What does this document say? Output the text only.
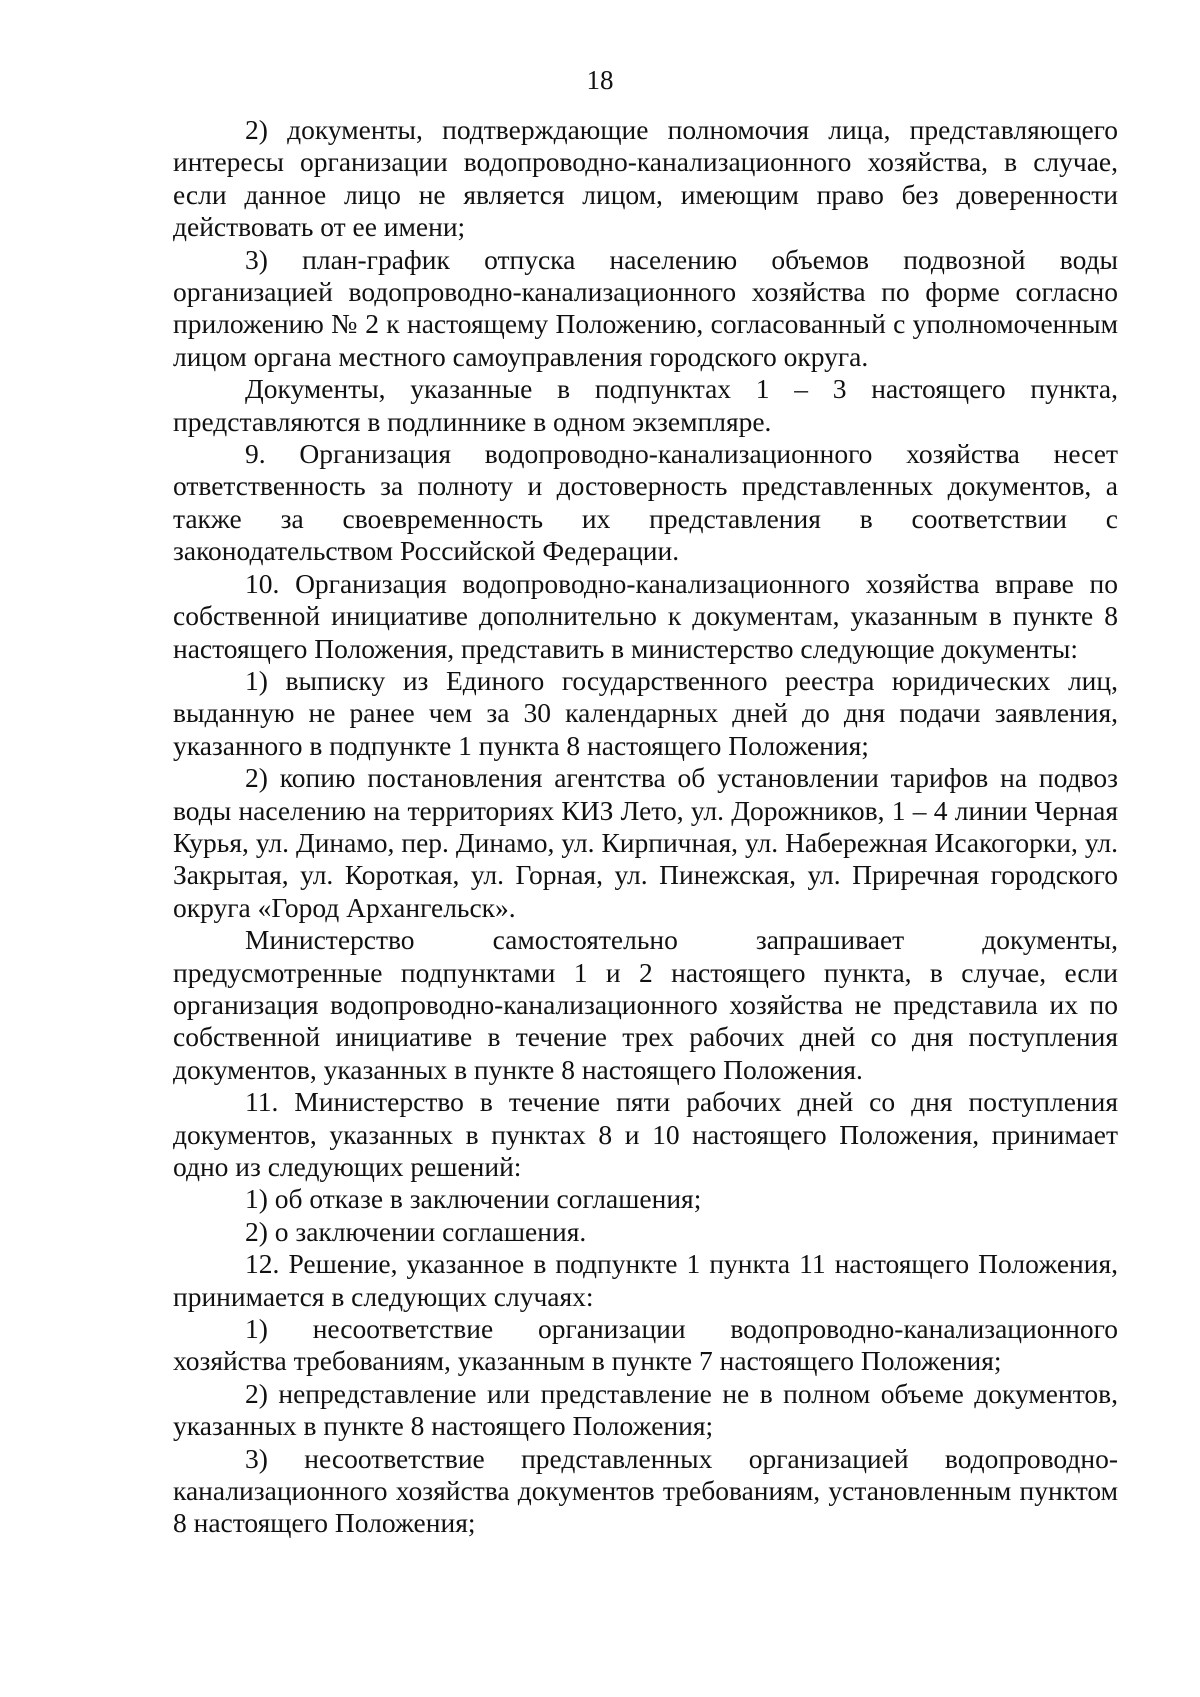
18

2) документы, подтверждающие полномочия лица, представляющего интересы организации водопроводно-канализационного хозяйства, в случае, если данное лицо не является лицом, имеющим право без доверенности действовать от ее имени;

3) план-график отпуска населению объемов подвозной воды организацией водопроводно-канализационного хозяйства по форме согласно приложению № 2 к настоящему Положению, согласованный с уполномоченным лицом органа местного самоуправления городского округа.

Документы, указанные в подпунктах 1 – 3 настоящего пункта, представляются в подлиннике в одном экземпляре.

9. Организация водопроводно-канализационного хозяйства несет ответственность за полноту и достоверность представленных документов, а также за своевременность их представления в соответствии с законодательством Российской Федерации.

10. Организация водопроводно-канализационного хозяйства вправе по собственной инициативе дополнительно к документам, указанным в пункте 8 настоящего Положения, представить в министерство следующие документы:

1) выписку из Единого государственного реестра юридических лиц, выданную не ранее чем за 30 календарных дней до дня подачи заявления, указанного в подпункте 1 пункта 8 настоящего Положения;

2) копию постановления агентства об установлении тарифов на подвоз воды населению на территориях КИЗ Лето, ул. Дорожников, 1 – 4 линии Черная Курья, ул. Динамо, пер. Динамо, ул. Кирпичная, ул. Набережная Исакогорки, ул. Закрытая, ул. Короткая, ул. Горная, ул. Пинежская, ул. Приречная городского округа «Город Архангельск».

Министерство самостоятельно запрашивает документы, предусмотренные подпунктами 1 и 2 настоящего пункта, в случае, если организация водопроводно-канализационного хозяйства не представила их по собственной инициативе в течение трех рабочих дней со дня поступления документов, указанных в пункте 8 настоящего Положения.

11. Министерство в течение пяти рабочих дней со дня поступления документов, указанных в пунктах 8 и 10 настоящего Положения, принимает одно из следующих решений:

1) об отказе в заключении соглашения;

2) о заключении соглашения.

12. Решение, указанное в подпункте 1 пункта 11 настоящего Положения, принимается в следующих случаях:

1) несоответствие организации водопроводно-канализационного хозяйства требованиям, указанным в пункте 7 настоящего Положения;

2) непредставление или представление не в полном объеме документов, указанных в пункте 8 настоящего Положения;

3) несоответствие представленных организацией водопроводно-канализационного хозяйства документов требованиям, установленным пунктом 8 настоящего Положения;
